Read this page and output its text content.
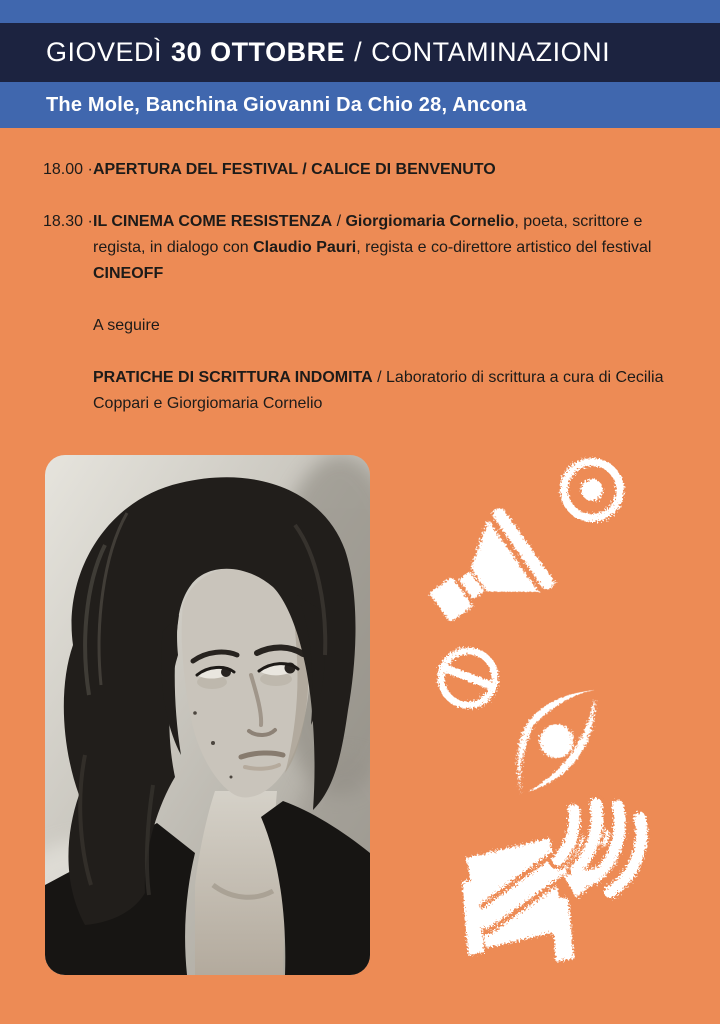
GIOVEDÌ 30 OTTOBRE / CONTAMINAZIONI
The Mole, Banchina Giovanni Da Chio 28, Ancona
18.00 · APERTURA DEL FESTIVAL / CALICE DI BENVENUTO
18.30 · IL CINEMA COME RESISTENZA / Giorgiomaria Cornelio, poeta, scrittore e regista, in dialogo con Claudio Pauri, regista e co-direttore artistico del festival CINEOFF
A seguire
PRATICHE DI SCRITTURA INDOMITA / Laboratorio di scrittura a cura di Cecilia Coppari e Giorgiomaria Cornelio
